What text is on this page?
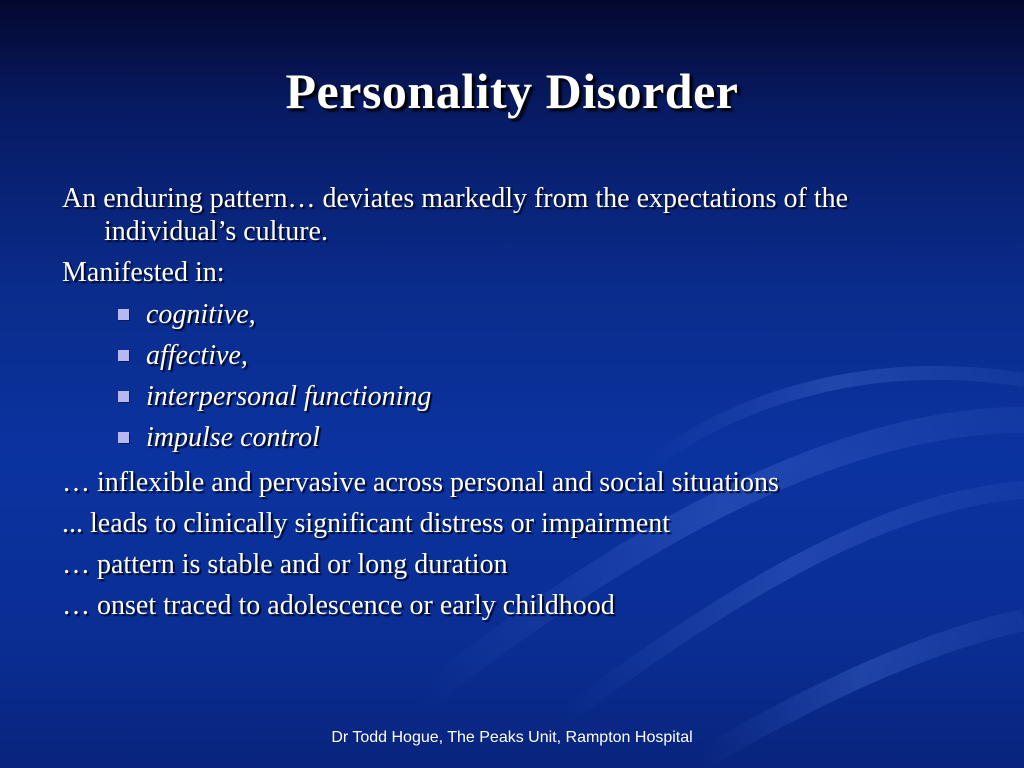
Personality Disorder

An enduring pattern… deviates markedly from the expectations of the individual’s culture.

Manifested in:

cognitive,
affective,
interpersonal functioning
impulse control

… inflexible and pervasive across personal and social situations

... leads to clinically significant distress or impairment

… pattern is stable and or long duration

… onset traced to adolescence or early childhood

Dr Todd Hogue, The Peaks Unit, Rampton Hospital
